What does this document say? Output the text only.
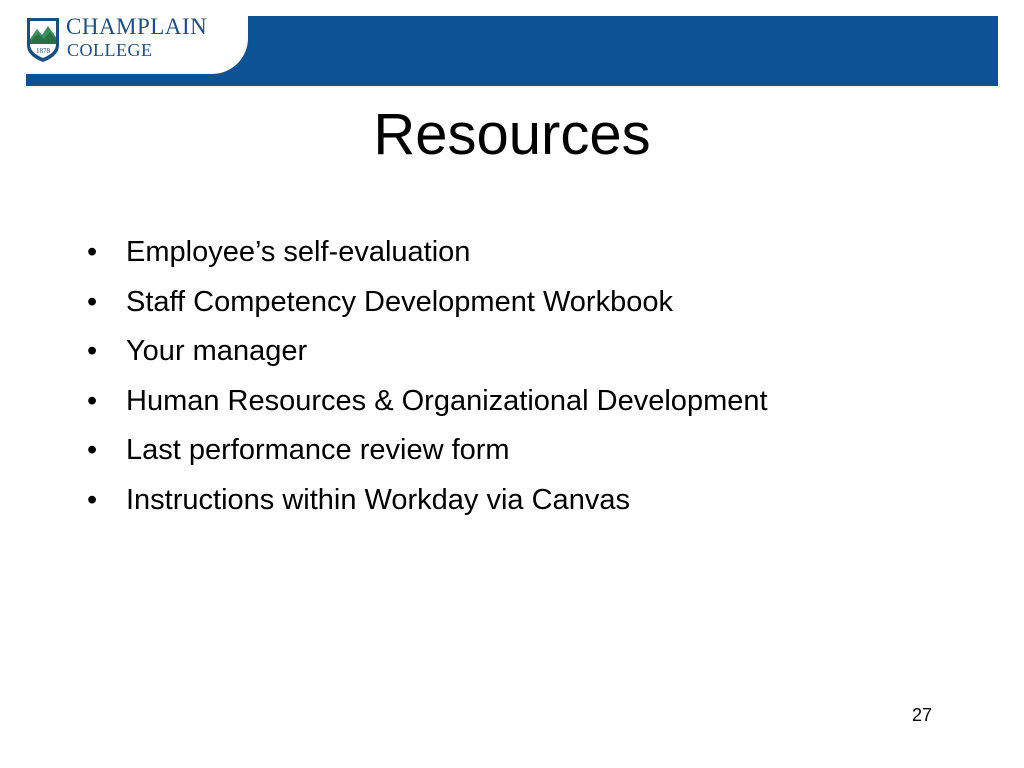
1878
CHAMPLAIN
COLLEGE
Resources
• Employee’s self-evaluation
• Staff Competency Development Workbook
• Your manager
• Human Resources & Organizational Development
• Last performance review form
• Instructions within Workday via Canvas
27
